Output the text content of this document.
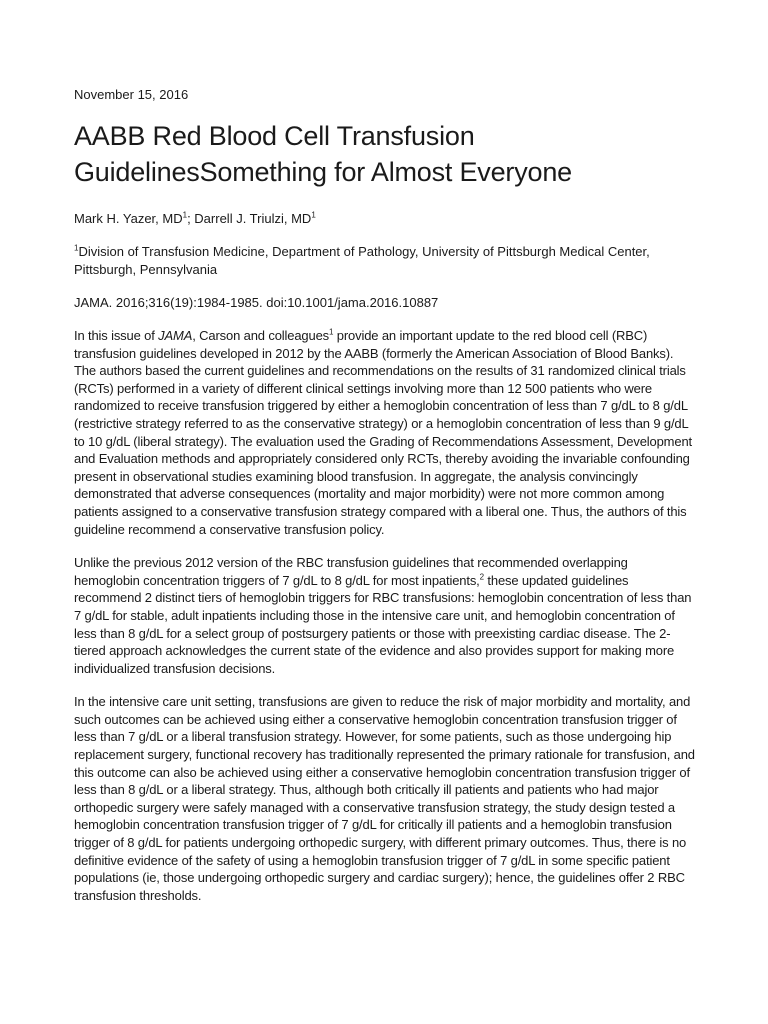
November 15, 2016
AABB Red Blood Cell Transfusion GuidelinesSomething for Almost Everyone
Mark H. Yazer, $MD^1$; Darrell J. Triulzi, $MD^1$
$^1$Division of Transfusion Medicine, Department of Pathology, University of Pittsburgh Medical Center, Pittsburgh, Pennsylvania
JAMA. 2016;316(19):1984-1985. doi:10.1001/jama.2016.10887

In this issue of JAMA, Carson and colleagues$^1$ provide an important update to the red blood cell (RBC) transfusion guidelines developed in 2012 by the AABB (formerly the American Association of Blood Banks). The authors based the current guidelines and recommendations on the results of 31 randomized clinical trials (RCTs) performed in a variety of different clinical settings involving more than 12 500 patients who were randomized to receive transfusion triggered by either a hemoglobin concentration of less than 7 g/dL to 8 g/dL (restrictive strategy referred to as the conservative strategy) or a hemoglobin concentration of less than 9 g/dL to 10 g/dL (liberal strategy). The evaluation used the Grading of Recommendations Assessment, Development and Evaluation methods and appropriately considered only RCTs, thereby avoiding the invariable confounding present in observational studies examining blood transfusion. In aggregate, the analysis convincingly demonstrated that adverse consequences (mortality and major morbidity) were not more common among patients assigned to a conservative transfusion strategy compared with a liberal one. Thus, the authors of this guideline recommend a conservative transfusion policy.

Unlike the previous 2012 version of the RBC transfusion guidelines that recommended overlapping hemoglobin concentration triggers of 7 g/dL to 8 g/dL for most inpatients,$^2$ these updated guidelines recommend 2 distinct tiers of hemoglobin triggers for RBC transfusions: hemoglobin concentration of less than 7 g/dL for stable, adult inpatients including those in the intensive care unit, and hemoglobin concentration of less than 8 g/dL for a select group of postsurgery patients or those with preexisting cardiac disease. The 2-tiered approach acknowledges the current state of the evidence and also provides support for making more individualized transfusion decisions.

In the intensive care unit setting, transfusions are given to reduce the risk of major morbidity and mortality, and such outcomes can be achieved using either a conservative hemoglobin concentration transfusion trigger of less than 7 g/dL or a liberal transfusion strategy. However, for some patients, such as those undergoing hip replacement surgery, functional recovery has traditionally represented the primary rationale for transfusion, and this outcome can also be achieved using either a conservative hemoglobin concentration transfusion trigger of less than 8 g/dL or a liberal strategy. Thus, although both critically ill patients and patients who had major orthopedic surgery were safely managed with a conservative transfusion strategy, the study design tested a hemoglobin concentration transfusion trigger of 7 g/dL for critically ill patients and a hemoglobin transfusion trigger of 8 g/dL for patients undergoing orthopedic surgery, with different primary outcomes. Thus, there is no definitive evidence of the safety of using a hemoglobin transfusion trigger of 7 g/dL in some specific patient populations (ie, those undergoing orthopedic surgery and cardiac surgery); hence, the guidelines offer 2 RBC transfusion thresholds.
